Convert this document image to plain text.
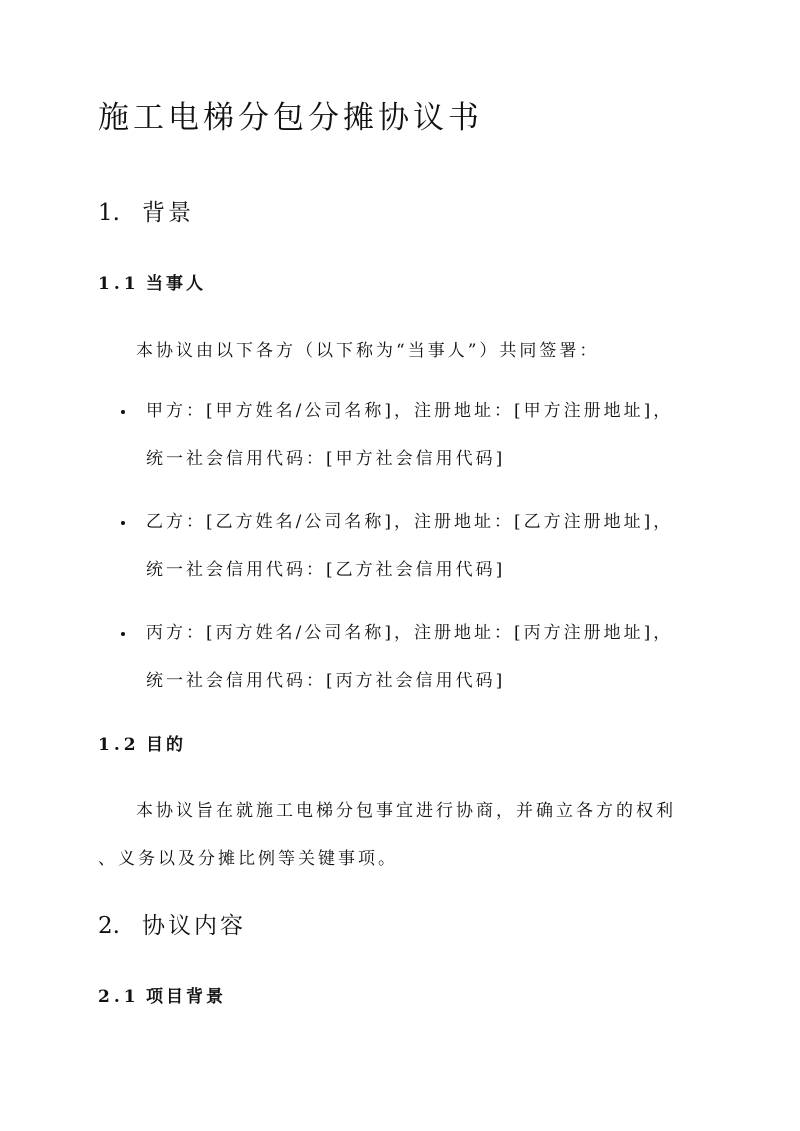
施工电梯分包分摊协议书
1. 背景
1.1 当事人
本协议由以下各方（以下称为“当事人”）共同签署：
甲方：[甲方姓名/公司名称]，注册地址：[甲方注册地址]，
统一社会信用代码：[甲方社会信用代码]
乙方：[乙方姓名/公司名称]，注册地址：[乙方注册地址]，
统一社会信用代码：[乙方社会信用代码]
丙方：[丙方姓名/公司名称]，注册地址：[丙方注册地址]，
统一社会信用代码：[丙方社会信用代码]
1.2 目的
本协议旨在就施工电梯分包事宜进行协商，并确立各方的权利
、义务以及分摊比例等关键事项。
2. 协议内容
2.1 项目背景
